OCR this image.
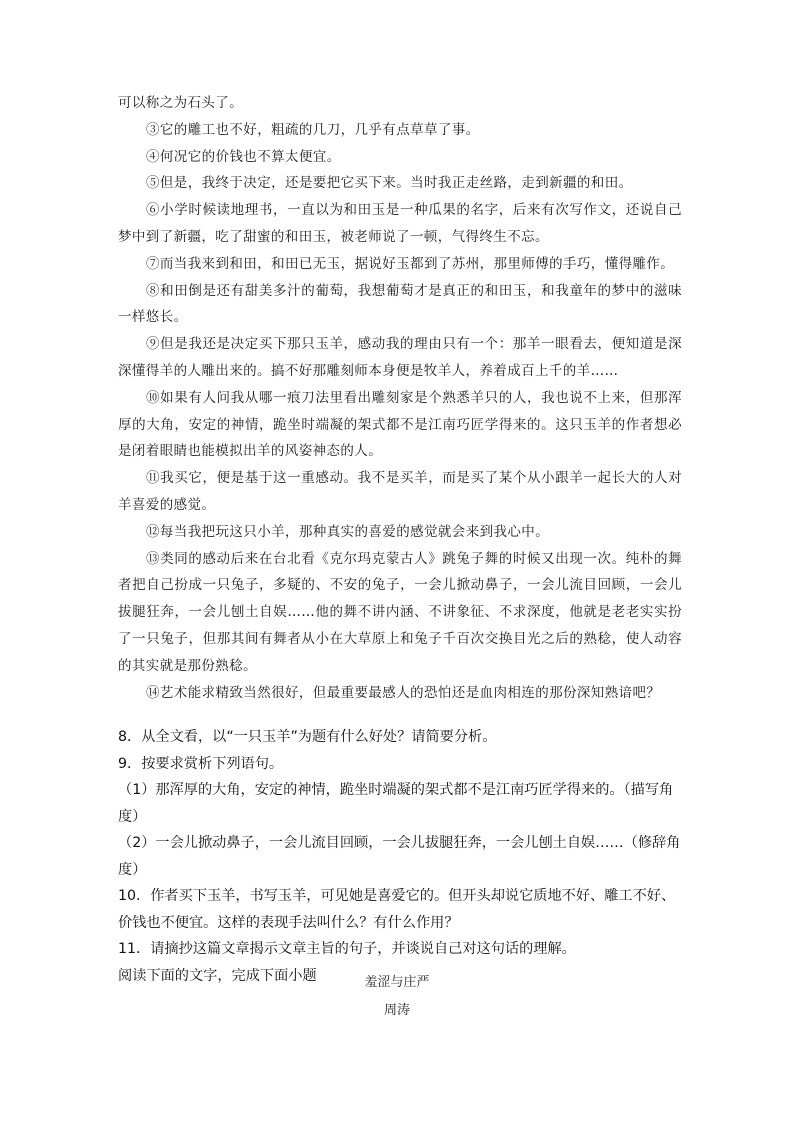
可以称之为石头了。

③它的雕工也不好，粗疏的几刀，几乎有点草草了事。

④何况它的价钱也不算太便宜。

⑤但是，我终于决定，还是要把它买下来。当时我正走丝路，走到新疆的和田。

⑥小学时候读地理书，一直以为和田玉是一种瓜果的名字，后来有次写作文，还说自己梦中到了新疆，吃了甜蜜的和田玉，被老师说了一顿，气得终生不忘。

⑦而当我来到和田，和田已无玉，据说好玉都到了苏州，那里师傅的手巧，懂得雕作。

⑧和田倒是还有甜美多汁的葡萄，我想葡萄才是真正的和田玉，和我童年的梦中的滋味一样悠长。

⑨但是我还是决定买下那只玉羊，感动我的理由只有一个：那羊一眼看去，便知道是深深懂得羊的人雕出来的。搞不好那雕刻师本身便是牧羊人，养着成百上千的羊……

⑩如果有人问我从哪一痕刀法里看出雕刻家是个熟悉羊只的人，我也说不上来，但那浑厚的大角，安定的神情，跪坐时端凝的架式都不是江南巧匠学得来的。这只玉羊的作者想必是闭着眼睛也能模拟出羊的风姿神态的人。

⑪我买它，便是基于这一重感动。我不是买羊，而是买了某个从小跟羊一起长大的人对羊喜爱的感觉。

⑫每当我把玩这只小羊，那种真实的喜爱的感觉就会来到我心中。

⑬类同的感动后来在台北看《克尔玛克蒙古人》跳兔子舞的时候又出现一次。纯朴的舞者把自己扮成一只兔子，多疑的、不安的兔子，一会儿掀动鼻子，一会儿流目回顾，一会儿拔腿狂奔，一会儿刨土自娱……他的舞不讲内涵、不讲象征、不求深度，他就是老老实实扮了一只兔子，但那其间有舞者从小在大草原上和兔子千百次交换目光之后的熟稔，使人动容的其实就是那份熟稔。

⑭艺术能求精致当然很好，但最重要最感人的恐怕还是血肉相连的那份深知熟谙吧？

8．从全文看，以“一只玉羊”为题有什么好处？请简要分析。

9．按要求赏析下列语句。

（1）那浑厚的大角，安定的神情，跪坐时端凝的架式都不是江南巧匠学得来的。（描写角度）

（2）一会儿掀动鼻子，一会儿流目回顾，一会儿拔腿狂奔，一会儿刨土自娱……（修辞角度）

10．作者买下玉羊，书写玉羊，可见她是喜爱它的。但开头却说它质地不好、雕工不好、价钱也不便宜。这样的表现手法叫什么？有什么作用？

11．请摘抄这篇文章揭示文章主旨的句子，并谈说自己对这句话的理解。

阅读下面的文字，完成下面小题	羞涩与庄严
周涛
